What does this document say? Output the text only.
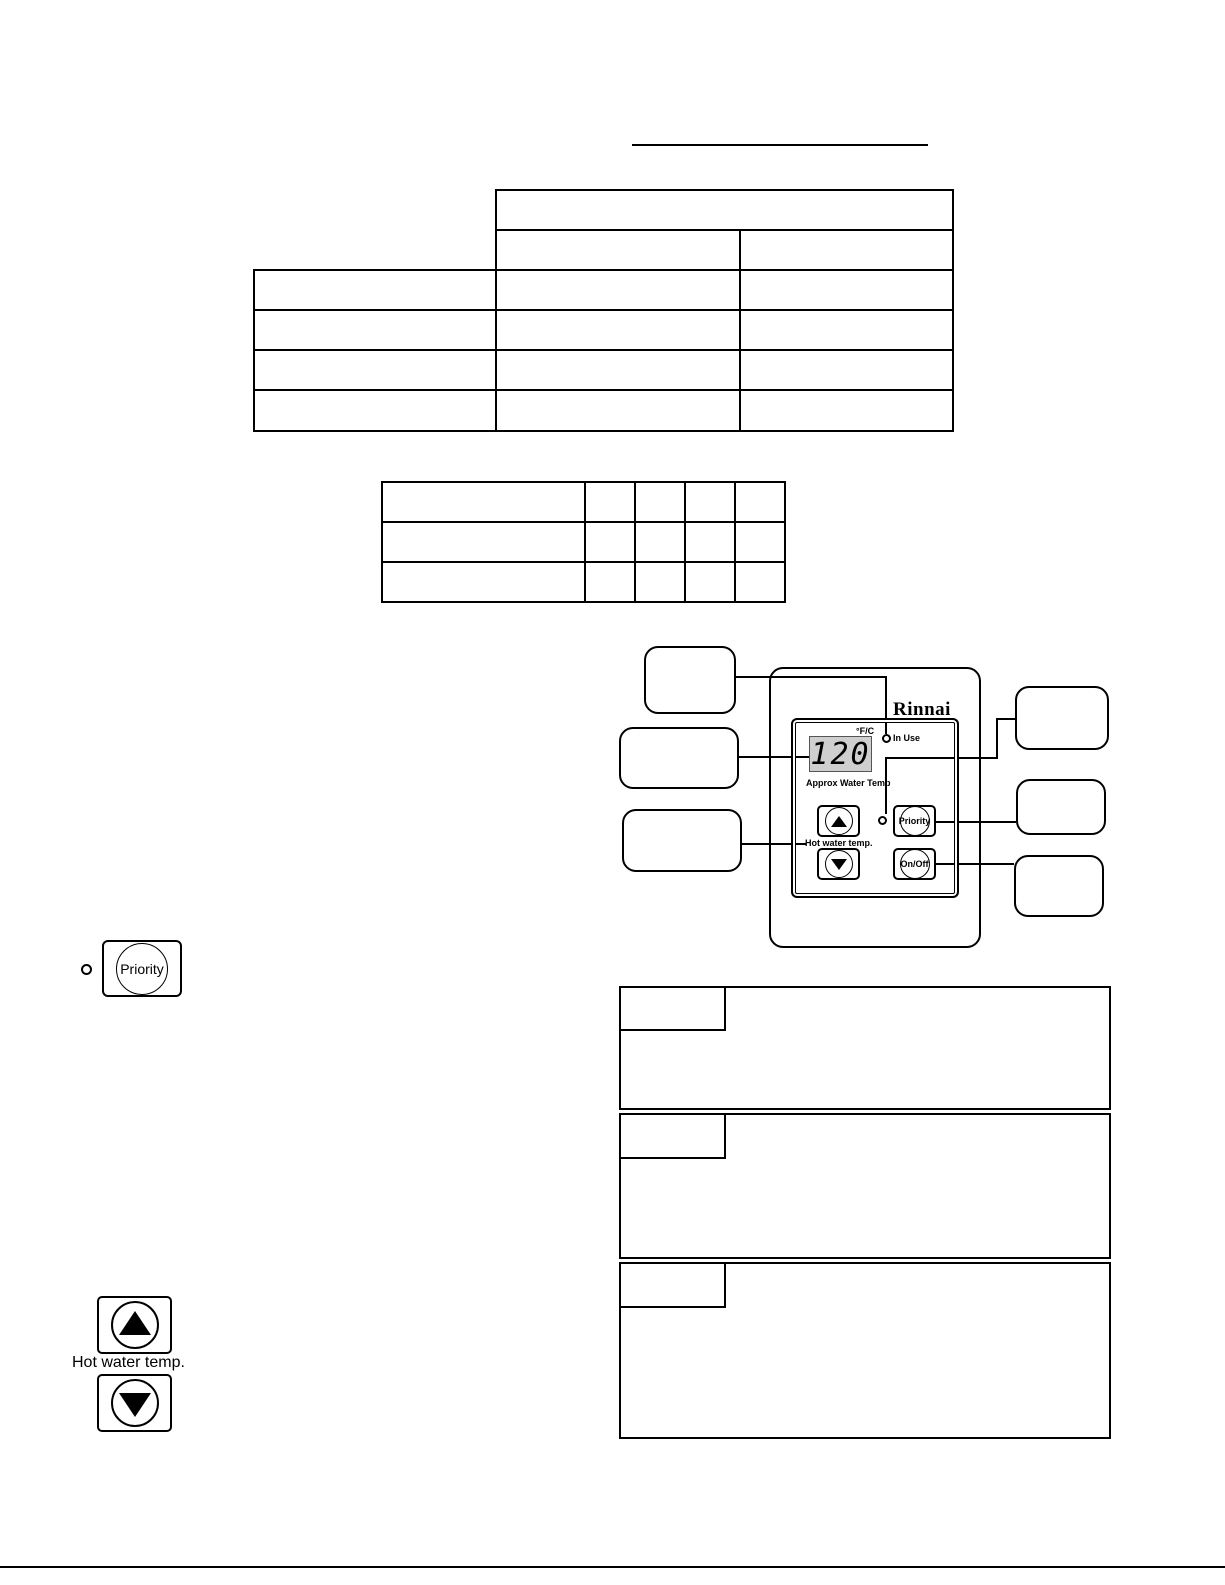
Rinnai
°F/C
120
Approx Water Temp
In Use
Hot water temp.
Priority
On/Off
Priority
Hot water temp.
